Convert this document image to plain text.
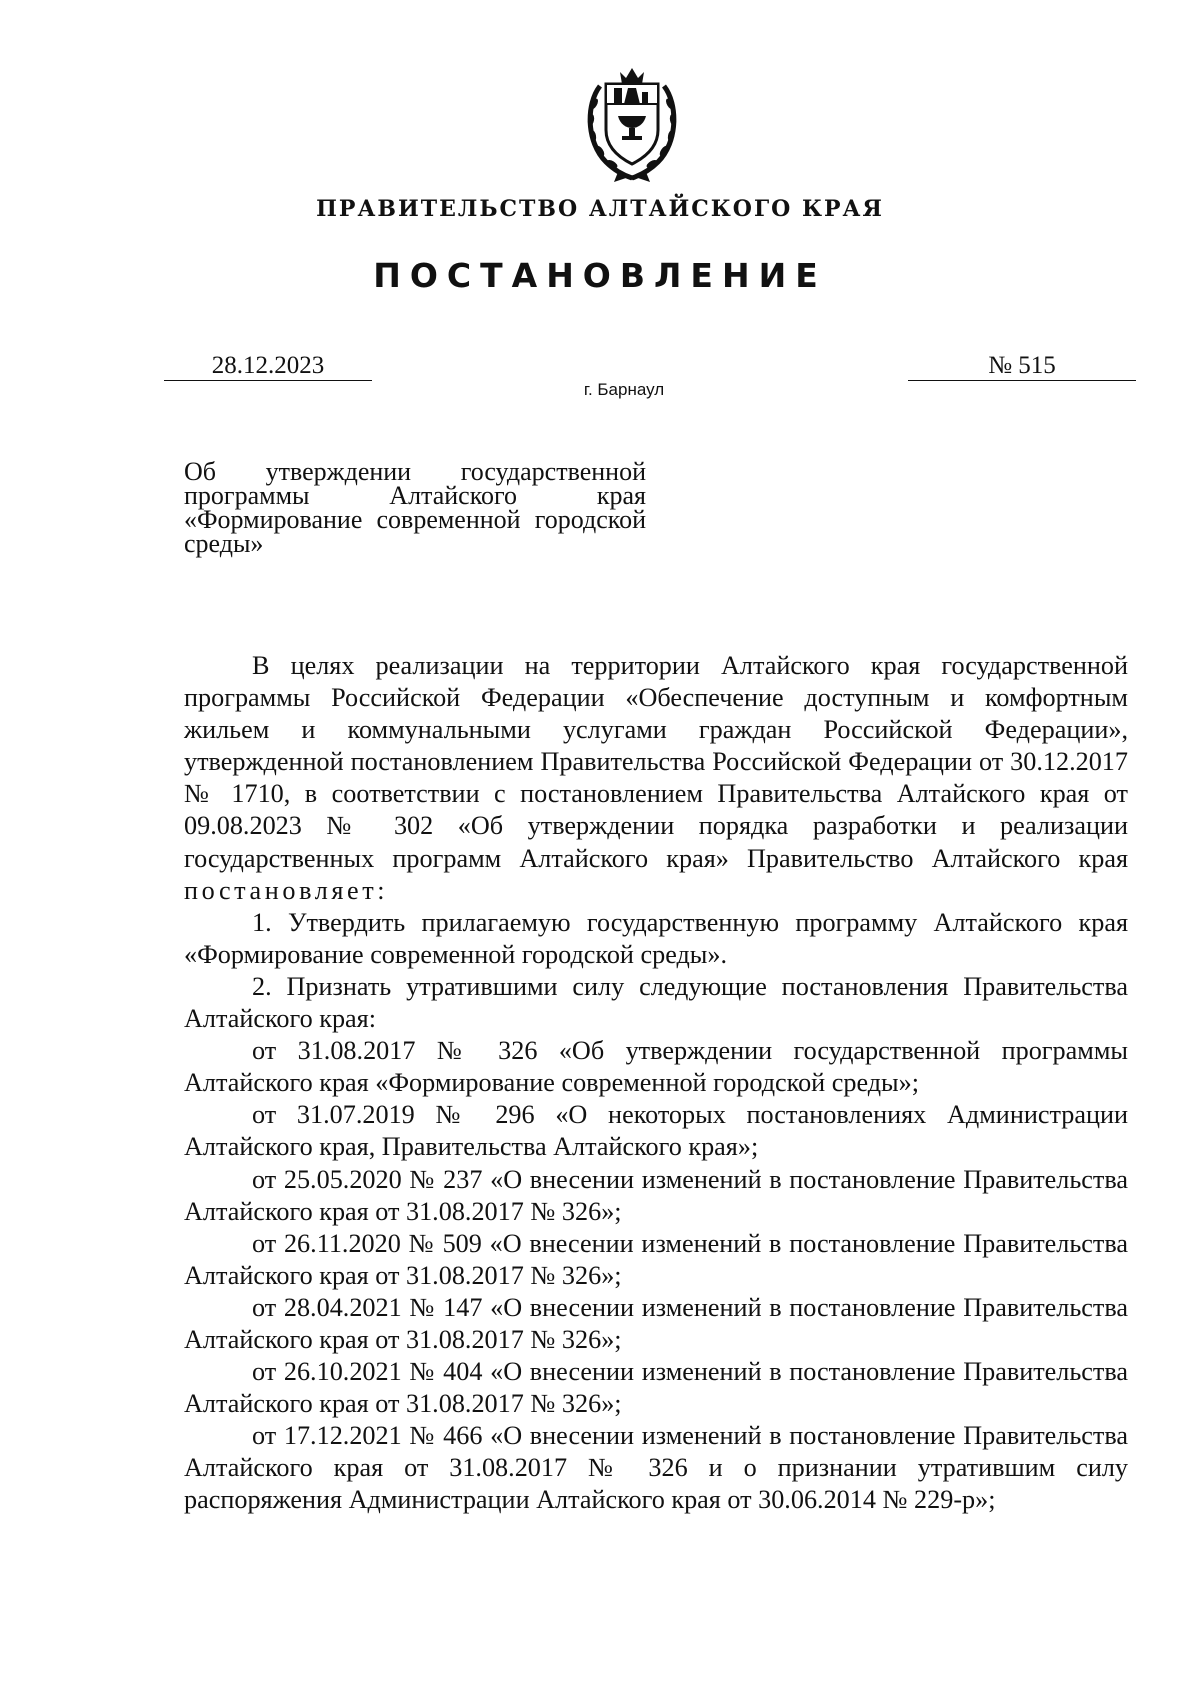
ПРАВИТЕЛЬСТВО АЛТАЙСКОГО КРАЯ
ПОСТАНОВЛЕНИЕ
28.12.2023	№ 515
г. Барнаул
Об утверждении государственной программы Алтайского края «Формирование современной городской среды»

В целях реализации на территории Алтайского края государственной программы Российской Федерации «Обеспечение доступным и комфортным жильем и коммунальными услугами граждан Российской Федерации», утвержденной постановлением Правительства Российской Федерации от 30.12.2017 № 1710, в соответствии с постановлением Правительства Алтайского края от 09.08.2023 № 302 «Об утверждении порядка разработки и реализации государственных программ Алтайского края» Правительство Алтайского края постановляет:

1. Утвердить прилагаемую государственную программу Алтайского края «Формирование современной городской среды».

2. Признать утратившими силу следующие постановления Правительства Алтайского края:

от 31.08.2017 № 326 «Об утверждении государственной программы Алтайского края «Формирование современной городской среды»;

от 31.07.2019 № 296 «О некоторых постановлениях Администрации Алтайского края, Правительства Алтайского края»;

от 25.05.2020 № 237 «О внесении изменений в постановление Правительства Алтайского края от 31.08.2017 № 326»;

от 26.11.2020 № 509 «О внесении изменений в постановление Правительства Алтайского края от 31.08.2017 № 326»;

от 28.04.2021 № 147 «О внесении изменений в постановление Правительства Алтайского края от 31.08.2017 № 326»;

от 26.10.2021 № 404 «О внесении изменений в постановление Правительства Алтайского края от 31.08.2017 № 326»;

от 17.12.2021 № 466 «О внесении изменений в постановление Правительства Алтайского края от 31.08.2017 № 326 и о признании утратившим силу распоряжения Администрации Алтайского края от 30.06.2014 № 229-р»;
